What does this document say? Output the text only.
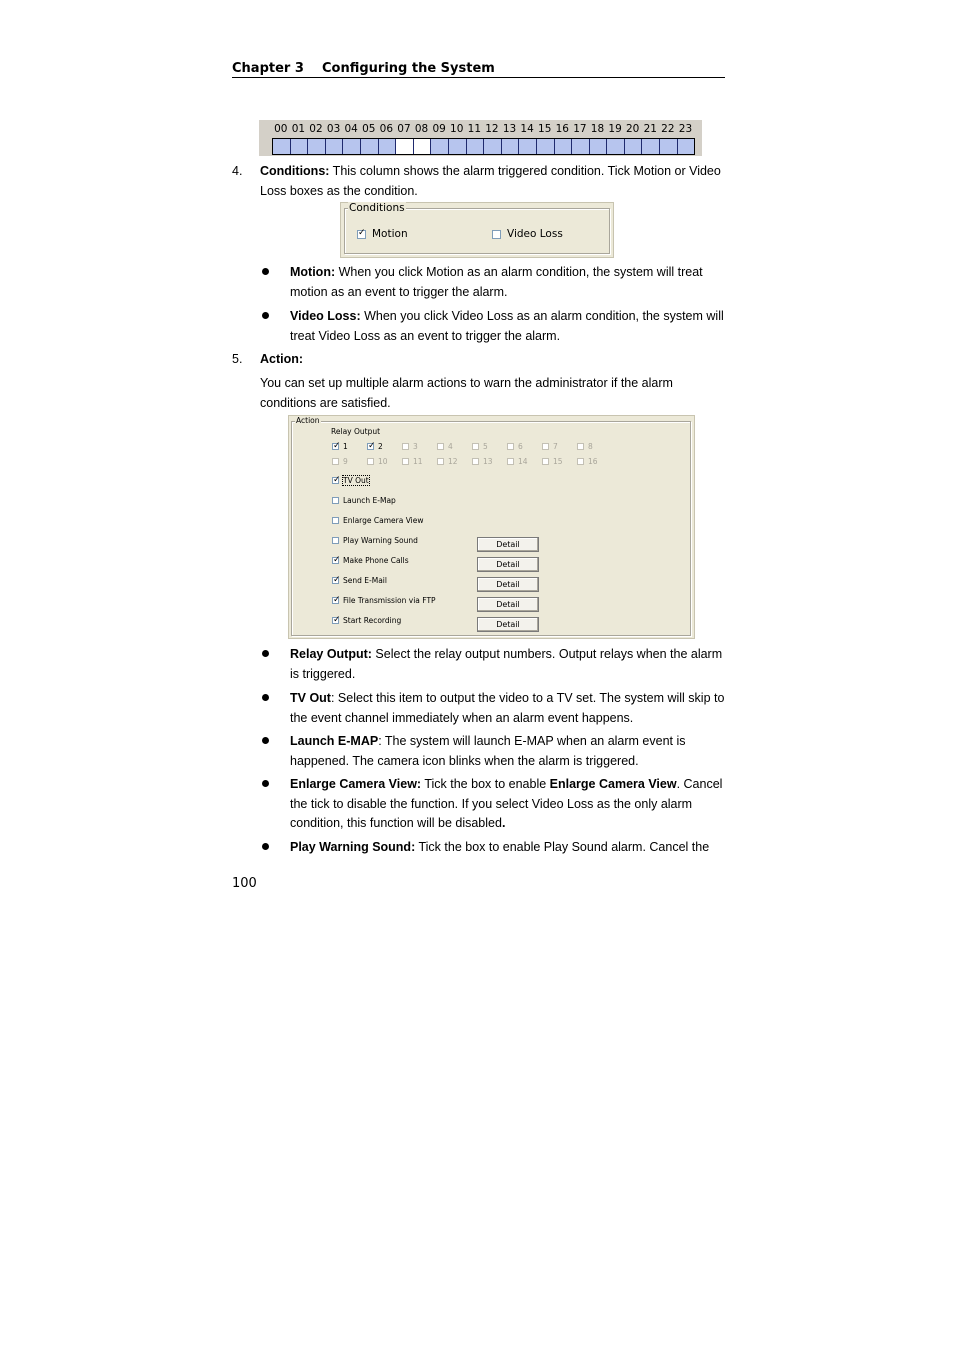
Chapter 3    Configuring the System
00 01 02 03 04 05 06 07 08 09 10 11 12 13 14 15 16 17 18 19 20 21 22 23
4. Conditions: This column shows the alarm triggered condition. Tick Motion or Video Loss boxes as the condition.
Conditions
✓
Motion	Video Loss
Motion: When you click Motion as an alarm condition, the system will treat motion as an event to trigger the alarm.
Video Loss: When you click Video Loss as an alarm condition, the system will treat Video Loss as an event to trigger the alarm.
5. Action:
You can set up multiple alarm actions to warn the administrator if the alarm conditions are satisfied.
Action
Relay Output
✓
1
✓	2	3	4	5	6	7	8
9	10	11	12	13	14	15	16
✓
TV Out
Launch E-Map
Enlarge Camera View
Play Warning Sound	Detail
✓
Make Phone Calls	Detail
✓
Send E-Mail	Detail
✓
File Transmission via FTP	Detail
✓
Start Recording	Detail
Relay Output: Select the relay output numbers. Output relays when the alarm is triggered.
TV Out: Select this item to output the video to a TV set. The system will skip to the event channel immediately when an alarm event happens.
Launch E-MAP: The system will launch E-MAP when an alarm event is happened. The camera icon blinks when the alarm is triggered.
Enlarge Camera View: Tick the box to enable Enlarge Camera View. Cancel the tick to disable the function. If you select Video Loss as the only alarm condition, this function will be disabled.
Play Warning Sound: Tick the box to enable Play Sound alarm. Cancel the
100
